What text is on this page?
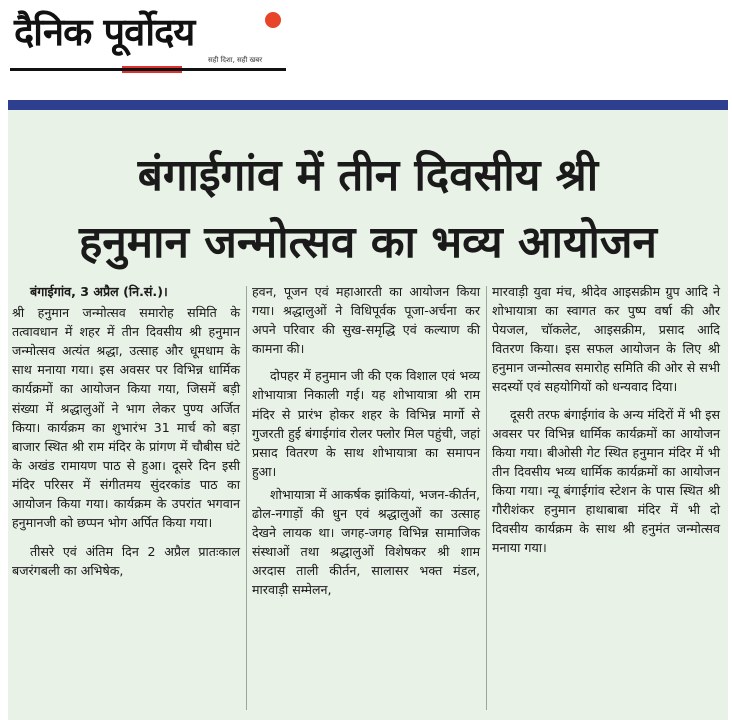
दैनिक पूर्वोदय
सही दिशा, सही खबर
बंगाईगांव में तीन दिवसीय श्री
हनुमान जन्मोत्सव का भव्य आयोजन

बंगाईगांव, 3 अप्रैल (नि.सं.)।

श्री हनुमान जन्मोत्सव समारोह समिति के तत्वावधान में शहर में तीन दिवसीय श्री हनुमान जन्मोत्सव अत्यंत श्रद्धा, उत्साह और धूमधाम के साथ मनाया गया। इस अवसर पर विभिन्न धार्मिक कार्यक्रमों का आयोजन किया गया, जिसमें बड़ी संख्या में श्रद्धालुओं ने भाग लेकर पुण्य अर्जित किया। कार्यक्रम का शुभारंभ 31 मार्च को बड़ा बाजार स्थित श्री राम मंदिर के प्रांगण में चौबीस घंटे के अखंड रामायण पाठ से हुआ। दूसरे दिन इसी मंदिर परिसर में संगीतमय सुंदरकांड पाठ का आयोजन किया गया। कार्यक्रम के उपरांत भगवान हनुमानजी को छप्पन भोग अर्पित किया गया।

तीसरे एवं अंतिम दिन 2 अप्रैल प्रातःकाल बजरंगबली का अभिषेक,

हवन, पूजन एवं महाआरती का आयोजन किया गया। श्रद्धालुओं ने विधिपूर्वक पूजा-अर्चना कर अपने परिवार की सुख-समृद्धि एवं कल्याण की कामना की।

दोपहर में हनुमान जी की एक विशाल एवं भव्य शोभायात्रा निकाली गई। यह शोभायात्रा श्री राम मंदिर से प्रारंभ होकर शहर के विभिन्न मार्गो से गुजरती हुई बंगाईगांव रोलर फ्लोर मिल पहुंची, जहां प्रसाद वितरण के साथ शोभायात्रा का समापन हुआ।

शोभायात्रा में आकर्षक झांकियां, भजन-कीर्तन, ढोल-नगाड़ों की धुन एवं श्रद्धालुओं का उत्साह देखने लायक था। जगह-जगह विभिन्न सामाजिक संस्थाओं तथा श्रद्धालुओं विशेषकर श्री शाम अरदास ताली कीर्तन, सालासर भक्त मंडल, मारवाड़ी सम्मेलन,

मारवाड़ी युवा मंच, श्रीदेव आइसक्रीम ग्रुप आदि ने शोभायात्रा का स्वागत कर पुष्प वर्षा की और पेयजल, चॉकलेट, आइसक्रीम, प्रसाद आदि वितरण किया। इस सफल आयोजन के लिए श्री हनुमान जन्मोत्सव समारोह समिति की ओर से सभी सदस्यों एवं सहयोगियों को धन्यवाद दिया।

दूसरी तरफ बंगाईगांव के अन्य मंदिरों में भी इस अवसर पर विभिन्न धार्मिक कार्यक्रमों का आयोजन किया गया। बीओसी गेट स्थित हनुमान मंदिर में भी तीन दिवसीय भव्य धार्मिक कार्यक्रमों का आयोजन किया गया। न्यू बंगाईगांव स्टेशन के पास स्थित श्री गौरीशंकर हनुमान हाथाबाबा मंदिर में भी दो दिवसीय कार्यक्रम के साथ श्री हनुमंत जन्मोत्सव मनाया गया।
